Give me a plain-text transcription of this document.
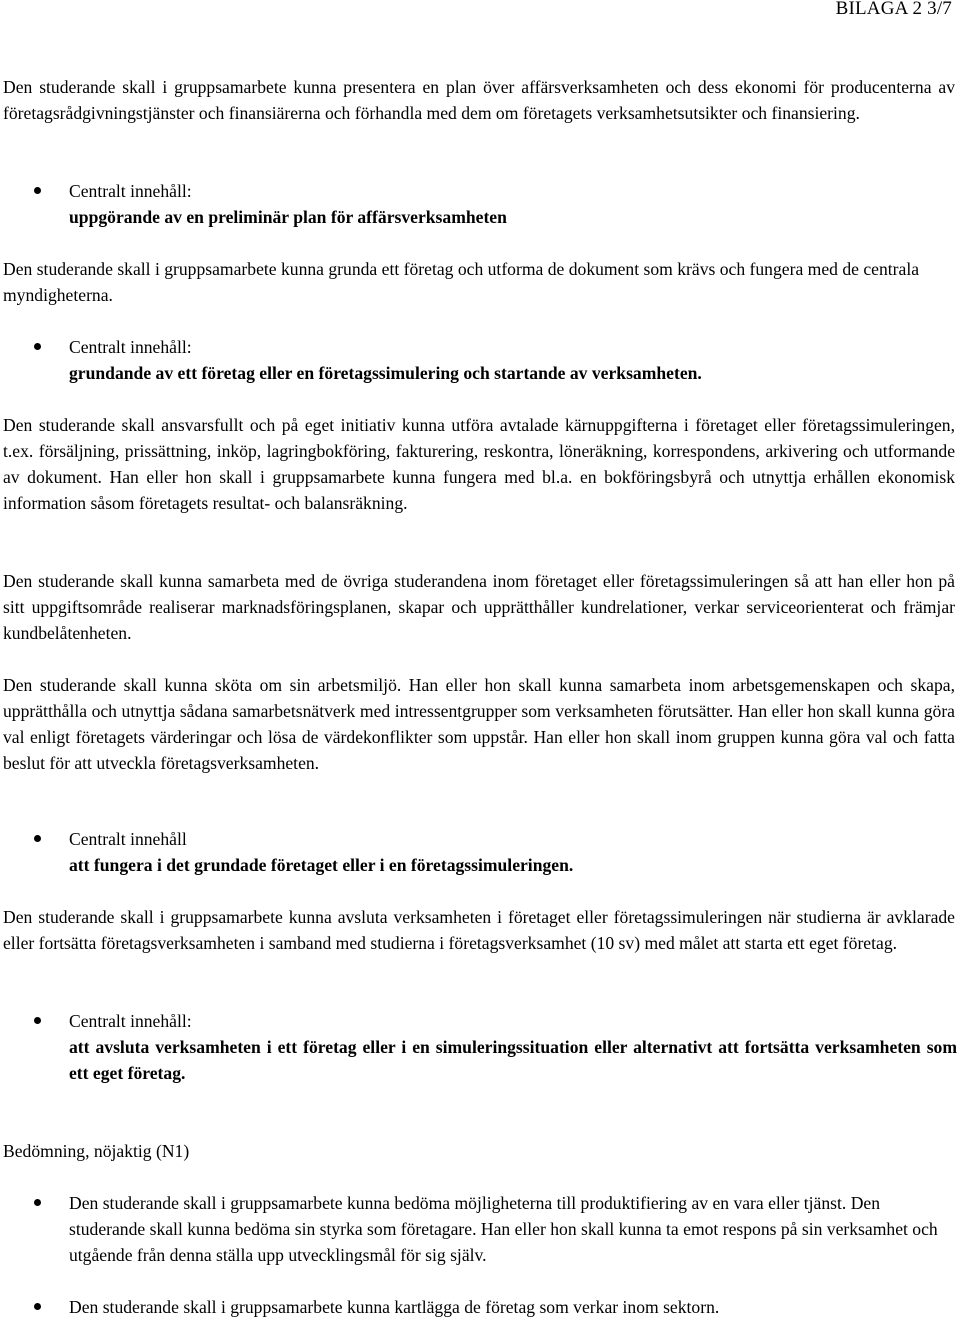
BILAGA 2 3/7

Den studerande skall i gruppsamarbete kunna presentera en plan över affärsverksamheten och dess ekonomi för producenterna av företagsrådgivningstjänster och finansiärerna och förhandla med dem om företagets verksamhetsutsikter och finansiering.

Centralt innehåll:

uppgörande av en preliminär plan för affärsverksamheten

Den studerande skall i gruppsamarbete kunna grunda ett företag och utforma de dokument som krävs och fungera med de centrala myndigheterna.

Centralt innehåll:

grundande av ett företag eller en företagssimulering och startande av verksamheten.

Den studerande skall ansvarsfullt och på eget initiativ kunna utföra avtalade kärnuppgifterna i företaget eller företagssimuleringen, t.ex. försäljning, prissättning, inköp, lagringbokföring, fakturering, reskontra, löneräkning, korrespondens, arkivering och utformande av dokument. Han eller hon skall i gruppsamarbete kunna fungera med bl.a. en bokföringsbyrå och utnyttja erhållen ekonomisk information såsom företagets resultat- och balansräkning.

Den studerande skall kunna samarbeta med de övriga studerandena inom företaget eller företagssimuleringen så att han eller hon på sitt uppgiftsområde realiserar marknadsföringsplanen, skapar och upprätthåller kundrelationer, verkar serviceorienterat och främjar kundbelåtenheten.

Den studerande skall kunna sköta om sin arbetsmiljö. Han eller hon skall kunna samarbeta inom arbetsgemenskapen och skapa, upprätthålla och utnyttja sådana samarbetsnätverk med intressentgrupper som verksamheten förutsätter. Han eller hon skall kunna göra val enligt företagets värderingar och lösa de värdekonflikter som uppstår. Han eller hon skall inom gruppen kunna göra val och fatta beslut för att utveckla företagsverksamheten.

Centralt innehåll

att fungera i det grundade företaget eller i en företagssimuleringen.

Den studerande skall i gruppsamarbete kunna avsluta verksamheten i företaget eller företagssimuleringen när studierna är avklarade eller fortsätta företagsverksamheten i samband med studierna i företagsverksamhet (10 sv) med målet att starta ett eget företag.

Centralt innehåll:

att avsluta verksamheten i ett företag eller i en simuleringssituation eller alternativt att fortsätta verksamheten som ett eget företag.

Bedömning, nöjaktig (N1)

Den studerande skall i gruppsamarbete kunna bedöma möjligheterna till produktifiering av en vara eller tjänst. Den studerande skall kunna bedöma sin styrka som företagare. Han eller hon skall kunna ta emot respons på sin verksamhet och utgående från denna ställa upp utvecklingsmål för sig själv.

Den studerande skall i gruppsamarbete kunna kartlägga de företag som verkar inom sektorn.
